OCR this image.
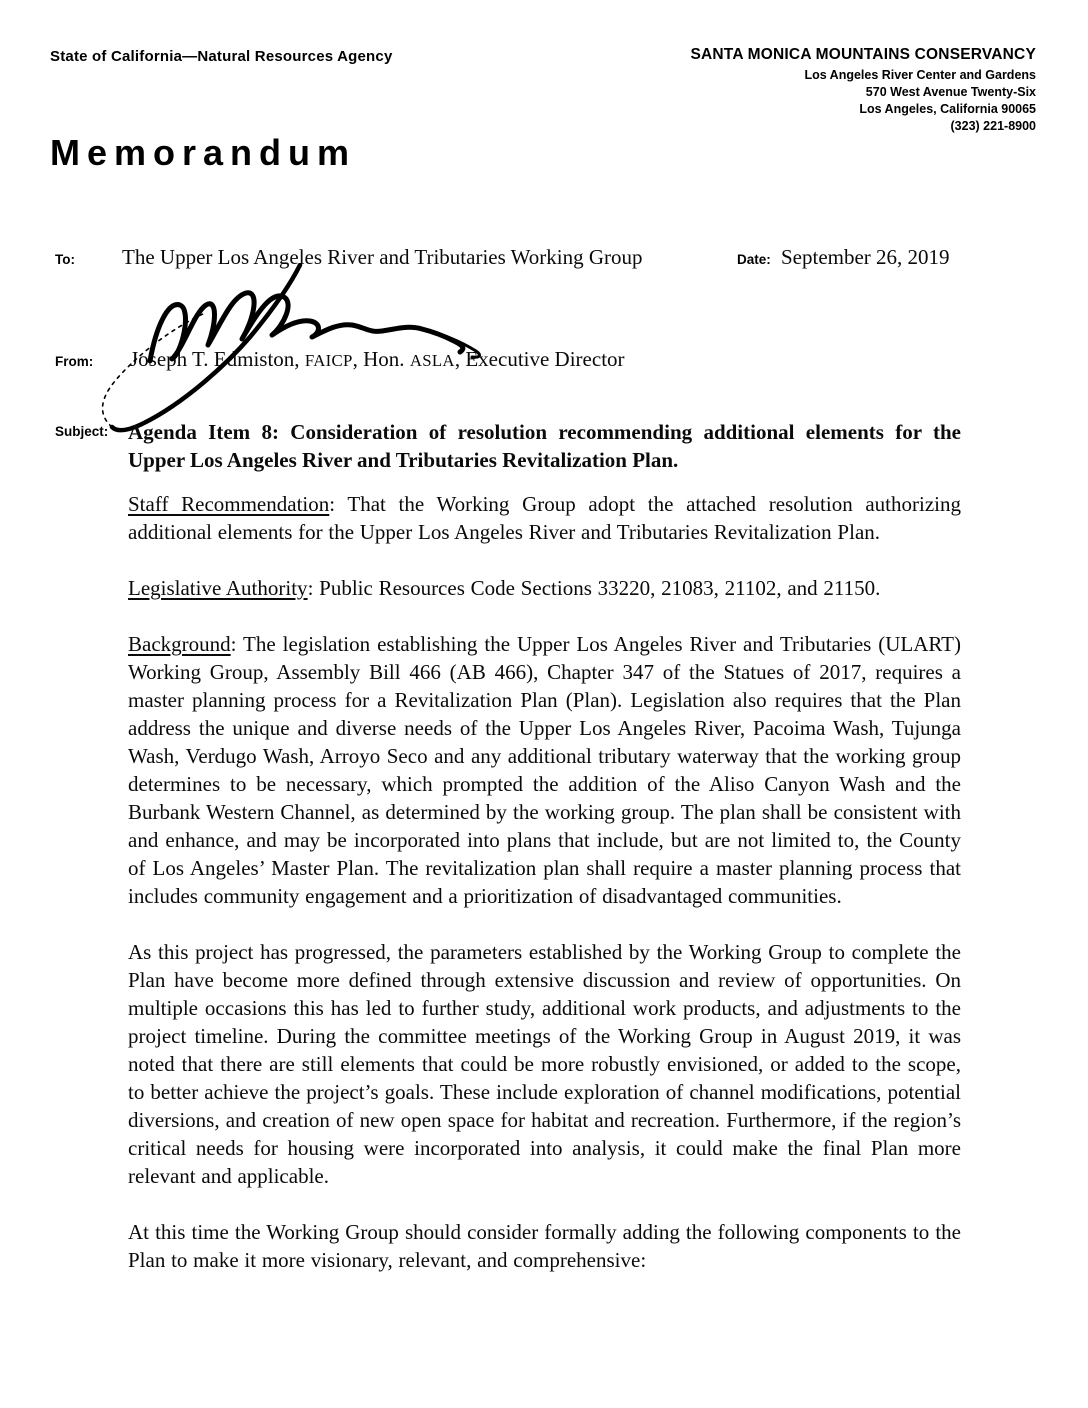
State of California—Natural Resources Agency	SANTA MONICA MOUNTAINS CONSERVANCY
Los Angeles River Center and Gardens
570 West Avenue Twenty-Six
Los Angeles, California 90065
(323) 221-8900
Memorandum
To: The Upper Los Angeles River and Tributaries Working Group	Date: September 26, 2019
From: Joseph T. Edmiston, FAICP, Hon. ASLA, Executive Director
Subject: Agenda Item 8: Consideration of resolution recommending additional elements for the Upper Los Angeles River and Tributaries Revitalization Plan.

Staff Recommendation: That the Working Group adopt the attached resolution authorizing additional elements for the Upper Los Angeles River and Tributaries Revitalization Plan.

Legislative Authority: Public Resources Code Sections 33220, 21083, 21102, and 21150.

Background: The legislation establishing the Upper Los Angeles River and Tributaries (ULART) Working Group, Assembly Bill 466 (AB 466), Chapter 347 of the Statues of 2017, requires a master planning process for a Revitalization Plan (Plan). Legislation also requires that the Plan address the unique and diverse needs of the Upper Los Angeles River, Pacoima Wash, Tujunga Wash, Verdugo Wash, Arroyo Seco and any additional tributary waterway that the working group determines to be necessary, which prompted the addition of the Aliso Canyon Wash and the Burbank Western Channel, as determined by the working group. The plan shall be consistent with and enhance, and may be incorporated into plans that include, but are not limited to, the County of Los Angeles’ Master Plan. The revitalization plan shall require a master planning process that includes community engagement and a prioritization of disadvantaged communities.

As this project has progressed, the parameters established by the Working Group to complete the Plan have become more defined through extensive discussion and review of opportunities. On multiple occasions this has led to further study, additional work products, and adjustments to the project timeline. During the committee meetings of the Working Group in August 2019, it was noted that there are still elements that could be more robustly envisioned, or added to the scope, to better achieve the project’s goals. These include exploration of channel modifications, potential diversions, and creation of new open space for habitat and recreation. Furthermore, if the region’s critical needs for housing were incorporated into analysis, it could make the final Plan more relevant and applicable.

At this time the Working Group should consider formally adding the following components to the Plan to make it more visionary, relevant, and comprehensive:
